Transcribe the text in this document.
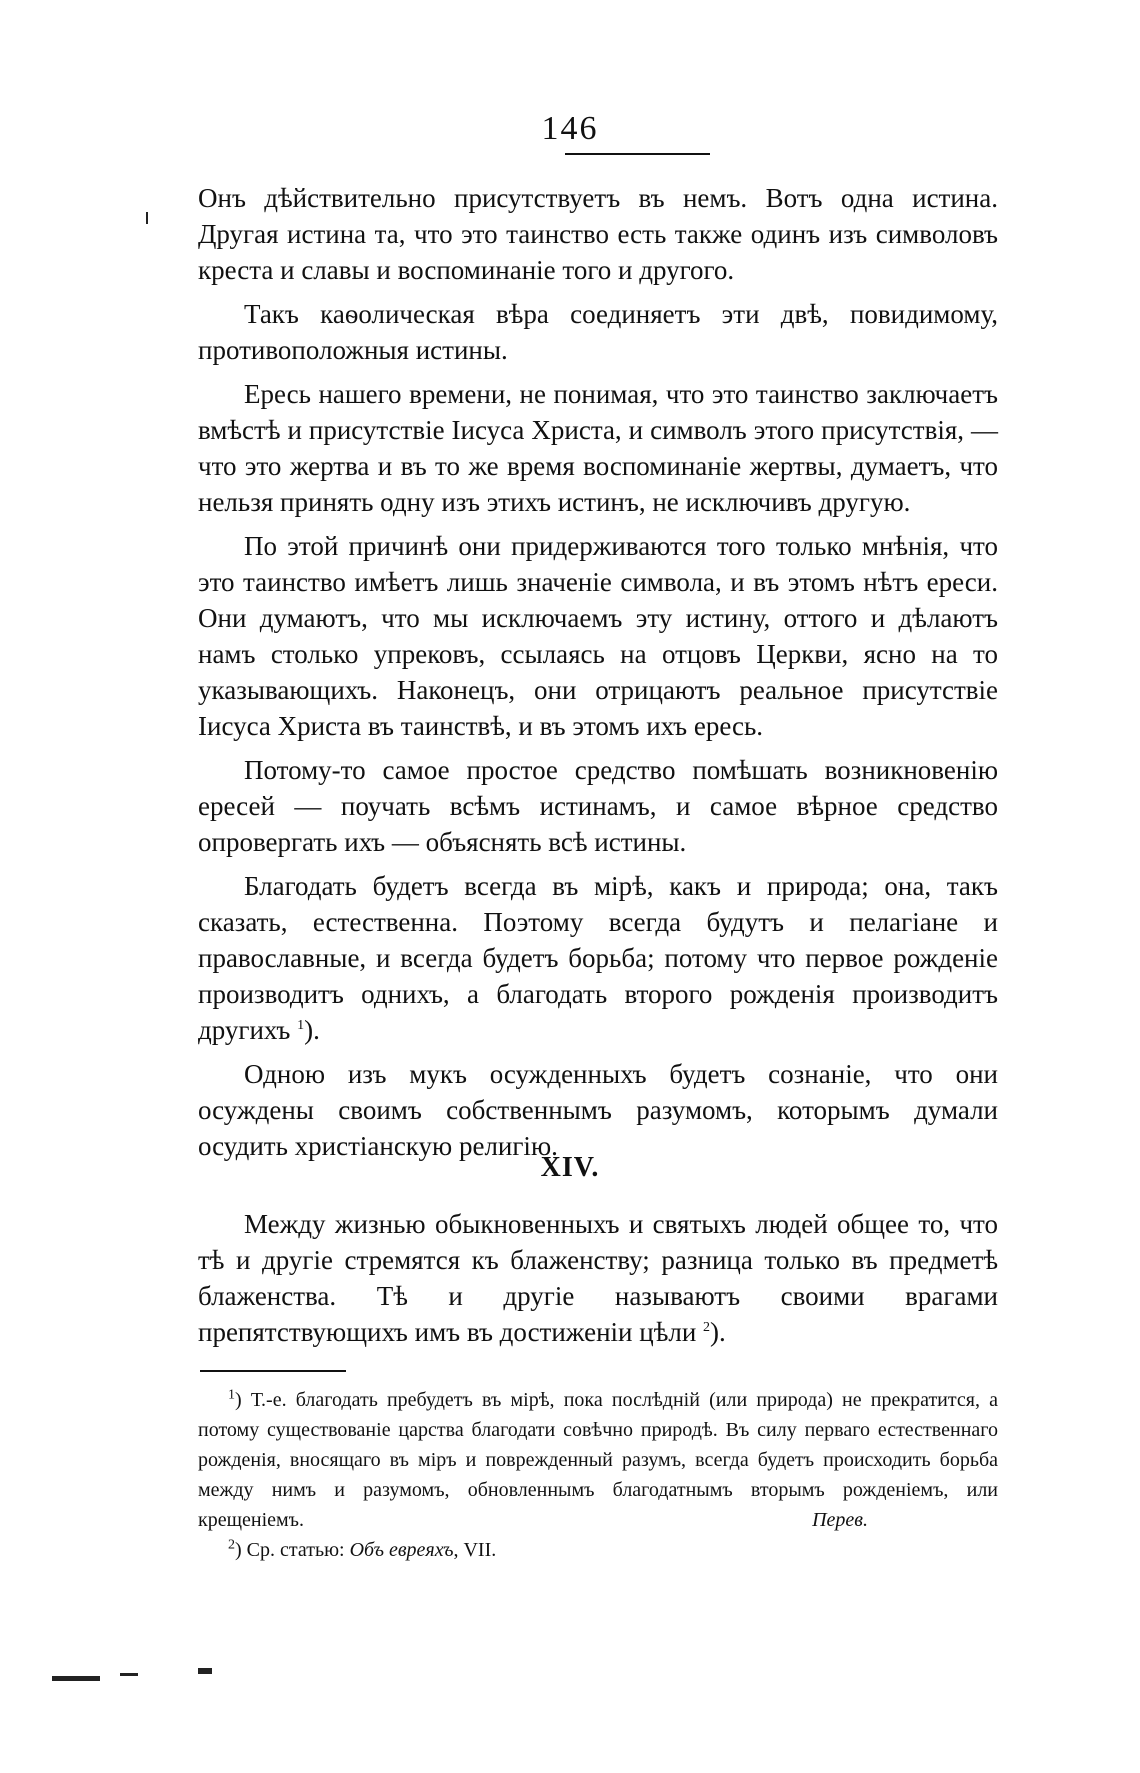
146

Онъ дѣйствительно присутствуетъ въ немъ. Вотъ одна истина. Другая истина та, что это таинство есть также одинъ изъ символовъ креста и славы и воспоминанiе того и другого.

Такъ каѳолическая вѣра соединяетъ эти двѣ, повидимому, противоположныя истины.

Ересь нашего времени, не понимая, что это таинство заключаетъ вмѣстѣ и присутствiе Iисуса Христа, и символъ этого присутствiя, — что это жертва и въ то же время воспоминанiе жертвы, думаетъ, что нельзя принять одну изъ этихъ истинъ, не исключивъ другую.

По этой причинѣ они придерживаются того только мнѣнiя, что это таинство имѣетъ лишь значенiе символа, и въ этомъ нѣтъ ереси. Они думаютъ, что мы исключаемъ эту истину, оттого и дѣлаютъ намъ столько упрековъ, ссылаясь на отцовъ Церкви, ясно на то указывающихъ. Наконецъ, они отрицаютъ реальное присутствiе Iисуса Христа въ таинствѣ, и въ этомъ ихъ ересь.

Потому-то самое простое средство помѣшать возникновенiю ересей — поучать всѣмъ истинамъ, и самое вѣрное средство опровергать ихъ — объяснять всѣ истины.

Благодать будетъ всегда въ мiрѣ, какъ и природа; она, такъ сказать, естественна. Поэтому всегда будутъ и пелагiане и православные, и всегда будетъ борьба; потому что первое рожденiе производитъ однихъ, а благодать второго рожденiя производитъ другихъ $^1$).

Одною изъ мукъ осужденныхъ будетъ сознанiе, что они осуждены своимъ собственнымъ разумомъ, которымъ думали осудить христiанскую религiю.

XIV.

Между жизнью обыкновенныхъ и святыхъ людей общее то, что тѣ и другiе стремятся къ блаженству; разница только въ предметѣ блаженства. Тѣ и другiе называютъ своими врагами препятствующихъ имъ въ достиженiи цѣли $^2$).

$^1$) Т.-е. благодать пребудетъ въ мiрѣ, пока послѣднiй (или природа) не прекратится, а потому существованiе царства благодати совѣчно природѣ. Въ силу перваго естественнаго рожденiя, вносящаго въ мiръ и поврежденный разумъ, всегда будетъ происходить борьба между нимъ и разумомъ, обновленнымъ благодатнымъ вторымъ рожденiемъ, или крещенiемъ.	Перев.

$^2$) Ср. статью: Объ евреяхъ, VII.
